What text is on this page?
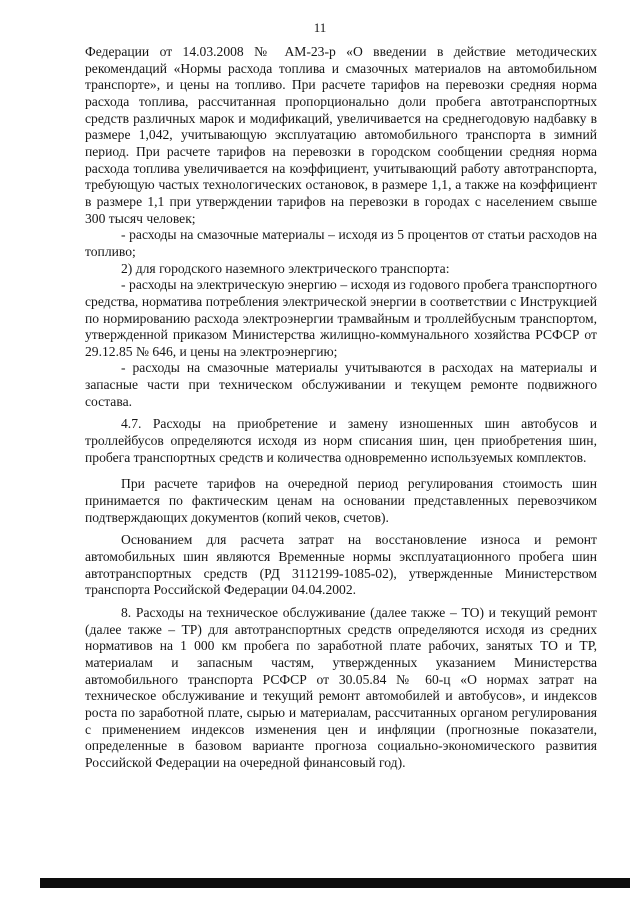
11

Федерации от 14.03.2008 № АМ-23-р «О введении в действие методических рекомендаций «Нормы расхода топлива и смазочных материалов на автомобильном транспорте», и цены на топливо. При расчете тарифов на перевозки средняя норма расхода топлива, рассчитанная пропорционально доли пробега автотранспортных средств различных марок и модификаций, увеличивается на среднегодовую надбавку в размере 1,042, учитывающую эксплуатацию автомобильного транспорта в зимний период. При расчете тарифов на перевозки в городском сообщении средняя норма расхода топлива увеличивается на коэффициент, учитывающий работу автотранспорта, требующую частых технологических остановок, в размере 1,1, а также на коэффициент в размере 1,1 при утверждении тарифов на перевозки в городах с населением свыше 300 тысяч человек;

- расходы на смазочные материалы – исходя из 5 процентов от статьи расходов на топливо;

2) для городского наземного электрического транспорта:

- расходы на электрическую энергию – исходя из годового пробега транспортного средства, норматива потребления электрической энергии в соответствии с Инструкцией по нормированию расхода электроэнергии трамвайным и троллейбусным транспортом, утвержденной приказом Министерства жилищно-коммунального хозяйства РСФСР от 29.12.85 № 646, и цены на электроэнергию;

- расходы на смазочные материалы учитываются в расходах на материалы и запасные части при техническом обслуживании и текущем ремонте подвижного состава.

4.7. Расходы на приобретение и замену изношенных шин автобусов и троллейбусов определяются исходя из норм списания шин, цен приобретения шин, пробега транспортных средств и количества одновременно используемых комплектов.

При расчете тарифов на очередной период регулирования стоимость шин принимается по фактическим ценам на основании представленных перевозчиком подтверждающих документов (копий чеков, счетов).

Основанием для расчета затрат на восстановление износа и ремонт автомобильных шин являются Временные нормы эксплуатационного пробега шин автотранспортных средств (РД 3112199-1085-02), утвержденные Министерством транспорта Российской Федерации 04.04.2002.

8. Расходы на техническое обслуживание (далее также – ТО) и текущий ремонт (далее также – ТР) для автотранспортных средств определяются исходя из средних нормативов на 1 000 км пробега по заработной плате рабочих, занятых ТО и ТР, материалам и запасным частям, утвержденных указанием Министерства автомобильного транспорта РСФСР от 30.05.84 № 60-ц «О нормах затрат на техническое обслуживание и текущий ремонт автомобилей и автобусов», и индексов роста по заработной плате, сырью и материалам, рассчитанных органом регулирования с применением индексов изменения цен и инфляции (прогнозные показатели, определенные в базовом варианте прогноза социально-экономического развития Российской Федерации на очередной финансовый год).
